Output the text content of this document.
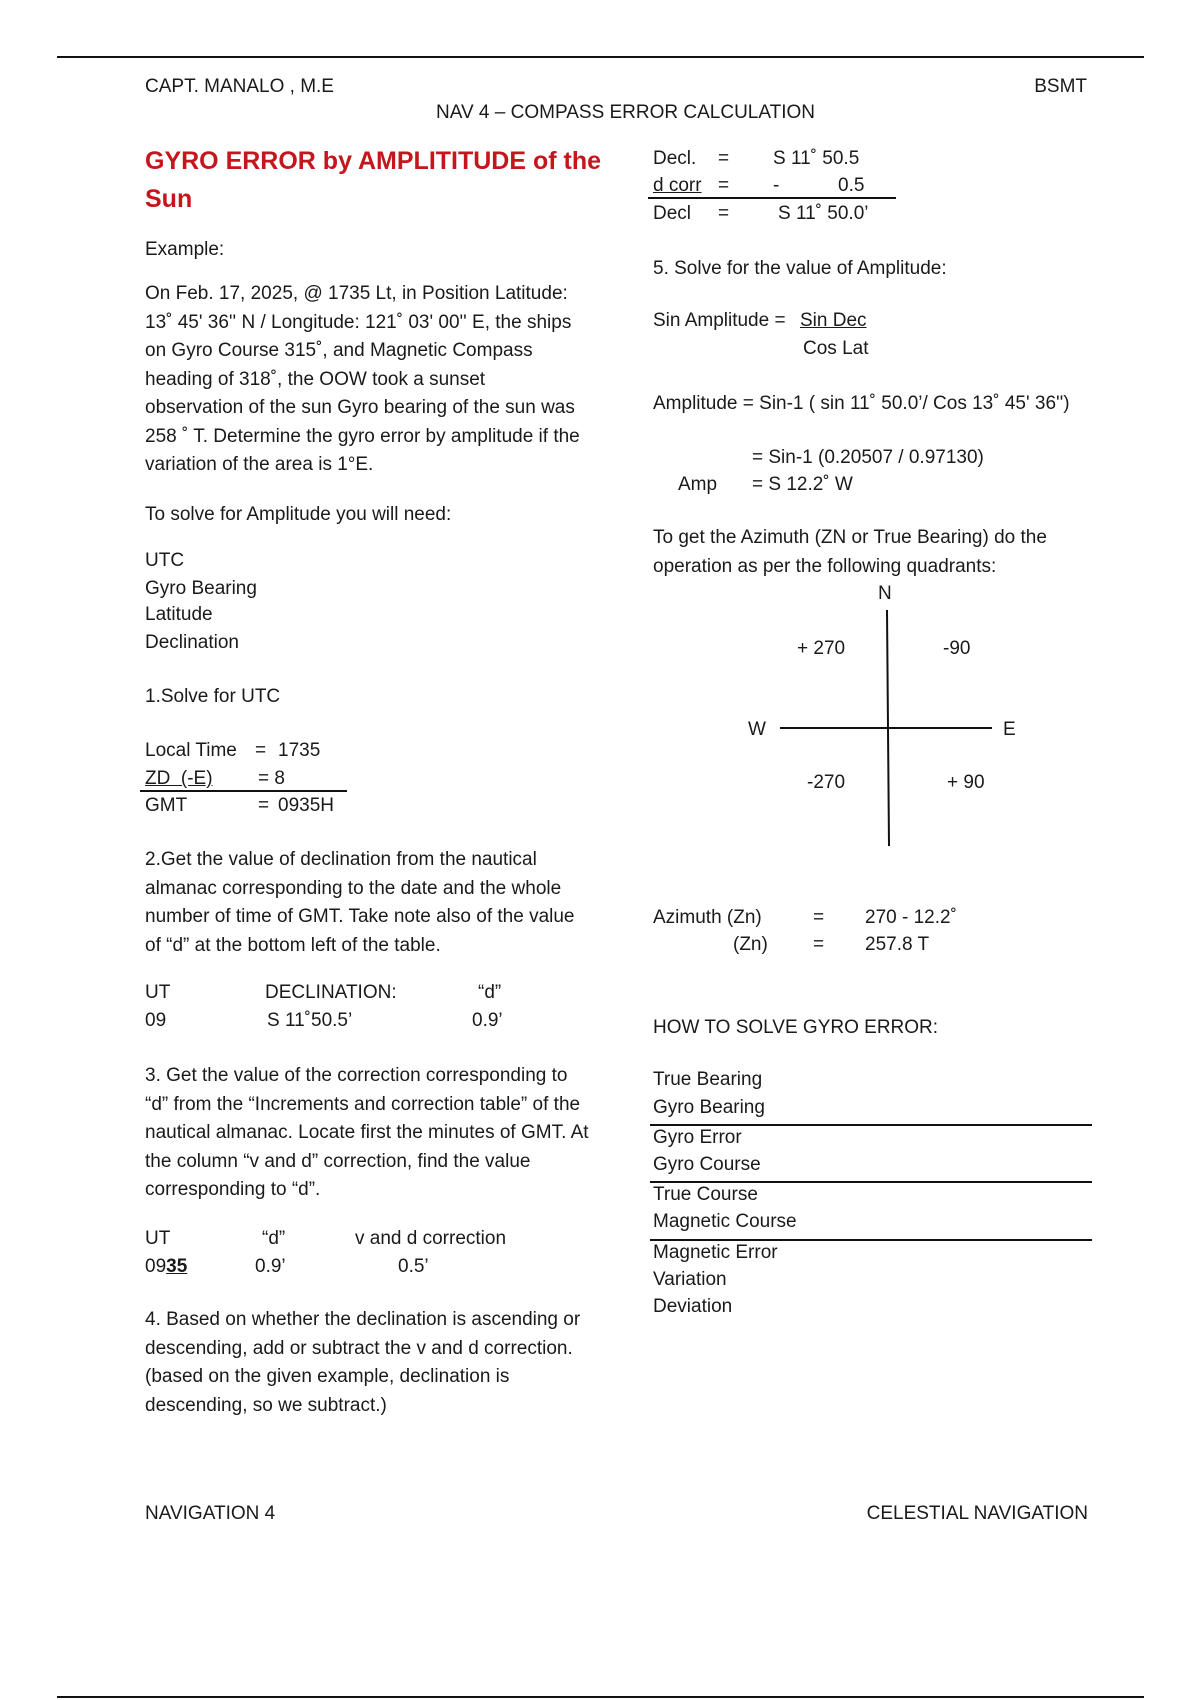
CAPT. MANALO , M.E	BSMT
NAV 4 – COMPASS ERROR CALCULATION
GYRO ERROR by AMPLITITUDE of the Sun
Example:
On Feb. 17, 2025, @ 1735 Lt, in Position Latitude: 13˚ 45' 36'' N / Longitude: 121˚ 03' 00'' E, the ships on Gyro Course 315˚, and Magnetic Compass heading of 318˚, the OOW took a sunset observation of the sun Gyro bearing of the sun was 258 ˚ T. Determine the gyro error by amplitude if the variation of the area is 1°E.
To solve for Amplitude you will need:
UTC
Gyro Bearing
Latitude
Declination
1.Solve for UTC
Local Time = 1735
ZD  (-E) = 8
GMT	= 0935H
2.Get the value of declination from the nautical almanac corresponding to the date and the whole number of time of GMT. Take note also of the value of “d” at the bottom left of the table.
UT	DECLINATION:	“d”
09	S 11˚50.5’	0.9’
3. Get the value of the correction corresponding to “d” from the “Increments and correction table” of the nautical almanac. Locate first the minutes of GMT. At the column “v and d” correction, find the value corresponding to “d”.
UT	“d”	v and d correction
0935	0.9’	0.5’
4. Based on whether the declination is ascending or descending, add or subtract the v and d correction. (based on the given example, declination is descending, so we subtract.)
Decl. = S 11˚ 50.5
d corr = -	0.5
Decl =	S 11˚ 50.0’
5. Solve for the value of Amplitude:
Sin Amplitude = Sin Dec
Cos Lat
Amplitude = Sin-1 ( sin 11˚ 50.0’/ Cos 13˚ 45' 36'')
= Sin-1 (0.20507 / 0.97130)
Amp = S 12.2˚ W
To get the Azimuth (ZN or True Bearing) do the operation as per the following quadrants:
N
W	E
+ 270	-90
-270	+ 90
Azimuth (Zn)	= 270 - 12.2˚
(Zn) = 257.8 T
HOW TO SOLVE GYRO ERROR:
True Bearing
Gyro Bearing
Gyro Error
Gyro Course
True Course
Magnetic Course
Magnetic Error
Variation
Deviation
NAVIGATION 4	CELESTIAL NAVIGATION
